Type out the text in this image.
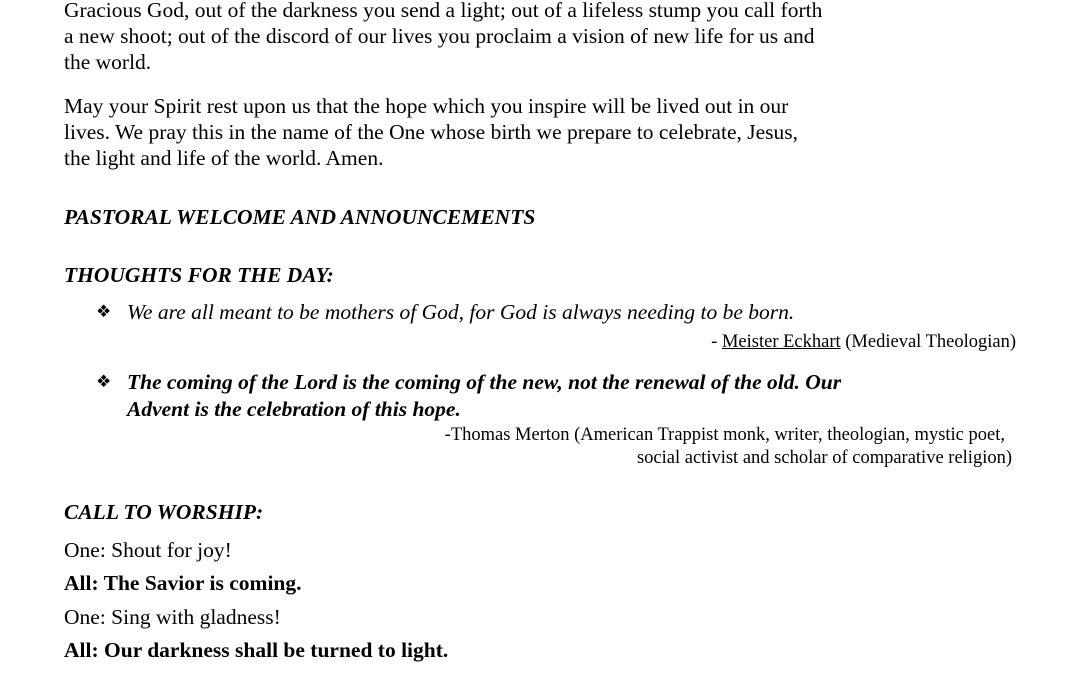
Gracious God, out of the darkness you send a light; out of a lifeless stump you call forth
a new shoot; out of the discord of our lives you proclaim a vision of new life for us and
the world.
May your Spirit rest upon us that the hope which you inspire will be lived out in our
lives. We pray this in the name of the One whose birth we prepare to celebrate, Jesus,
the light and life of the world. Amen.
PASTORAL WELCOME AND ANNOUNCEMENTS
THOUGHTS FOR THE DAY:
❖ We are all meant to be mothers of God, for God is always needing to be born.
- Meister Eckhart (Medieval Theologian)
❖ The coming of the Lord is the coming of the new, not the renewal of the old. Our
Advent is the celebration of this hope.
-Thomas Merton (American Trappist monk, writer, theologian, mystic poet,
social activist and scholar of comparative religion)
CALL TO WORSHIP:
One: Shout for joy!
All: The Savior is coming.
One: Sing with gladness!
All: Our darkness shall be turned to light.
